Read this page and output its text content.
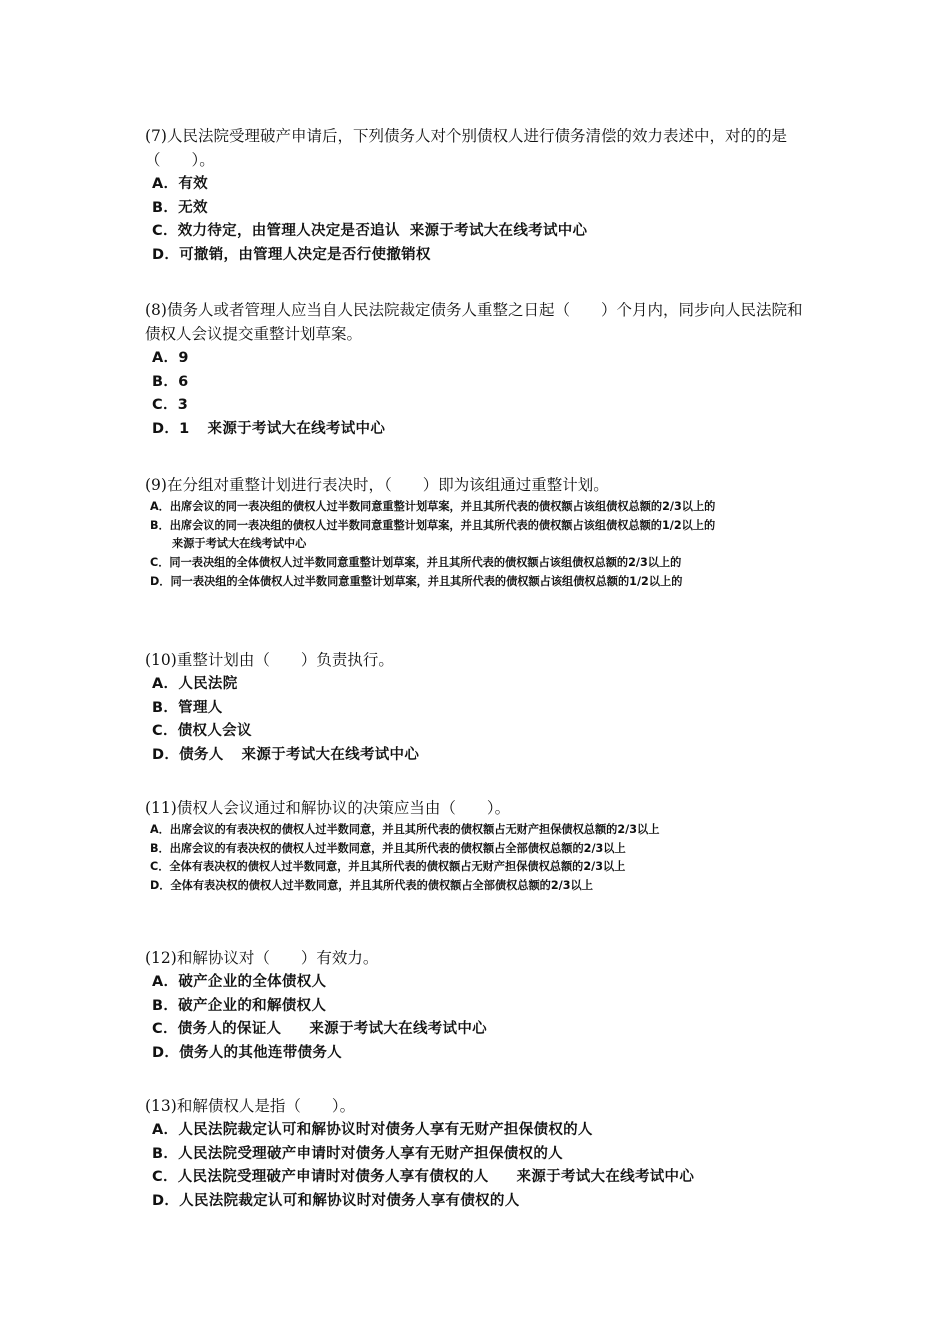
(7)人民法院受理破产申请后，下列债务人对个别债权人进行债务清偿的效力表述中，对的的是（　　）。

A．有效
B．无效
C．效力待定，由管理人决定是否追认 来源于考试大在线考试中心
D．可撤销，由管理人决定是否行使撤销权

(8)债务人或者管理人应当自人民法院裁定债务人重整之日起（　　）个月内，同步向人民法院和债权人会议提交重整计划草案。

A．9
B．6
C．3
D．1 来源于考试大在线考试中心

(9)在分组对重整计划进行表决时，（　　）即为该组通过重整计划。

A．出席会议的同一表决组的债权人过半数同意重整计划草案，并且其所代表的债权额占该组债权总额的2/3以上的
B．出席会议的同一表决组的债权人过半数同意重整计划草案，并且其所代表的债权额占该组债权总额的1/2以上的来源于考试大在线考试中心
C．同一表决组的全体债权人过半数同意重整计划草案，并且其所代表的债权额占该组债权总额的2/3以上的
D．同一表决组的全体债权人过半数同意重整计划草案，并且其所代表的债权额占该组债权总额的1/2以上的

(10)重整计划由（　　）负责执行。

A．人民法院
B．管理人
C．债权人会议
D．债务人 来源于考试大在线考试中心

(11)债权人会议通过和解协议的决策应当由（　　）。

A．出席会议的有表决权的债权人过半数同意，并且其所代表的债权额占无财产担保债权总额的2/3以上
B．出席会议的有表决权的债权人过半数同意，并且其所代表的债权额占全部债权总额的2/3以上
C．全体有表决权的债权人过半数同意，并且其所代表的债权额占无财产担保债权总额的2/3以上
D．全体有表决权的债权人过半数同意，并且其所代表的债权额占全部债权总额的2/3以上

(12)和解协议对（　　）有效力。

A．破产企业的全体债权人
B．破产企业的和解债权人
C．债务人的保证人 来源于考试大在线考试中心
D．债务人的其他连带债务人

(13)和解债权人是指（　　）。

A．人民法院裁定认可和解协议时对债务人享有无财产担保债权的人
B．人民法院受理破产申请时对债务人享有无财产担保债权的人
C．人民法院受理破产申请时对债务人享有债权的人 来源于考试大在线考试中心
D．人民法院裁定认可和解协议时对债务人享有债权的人
